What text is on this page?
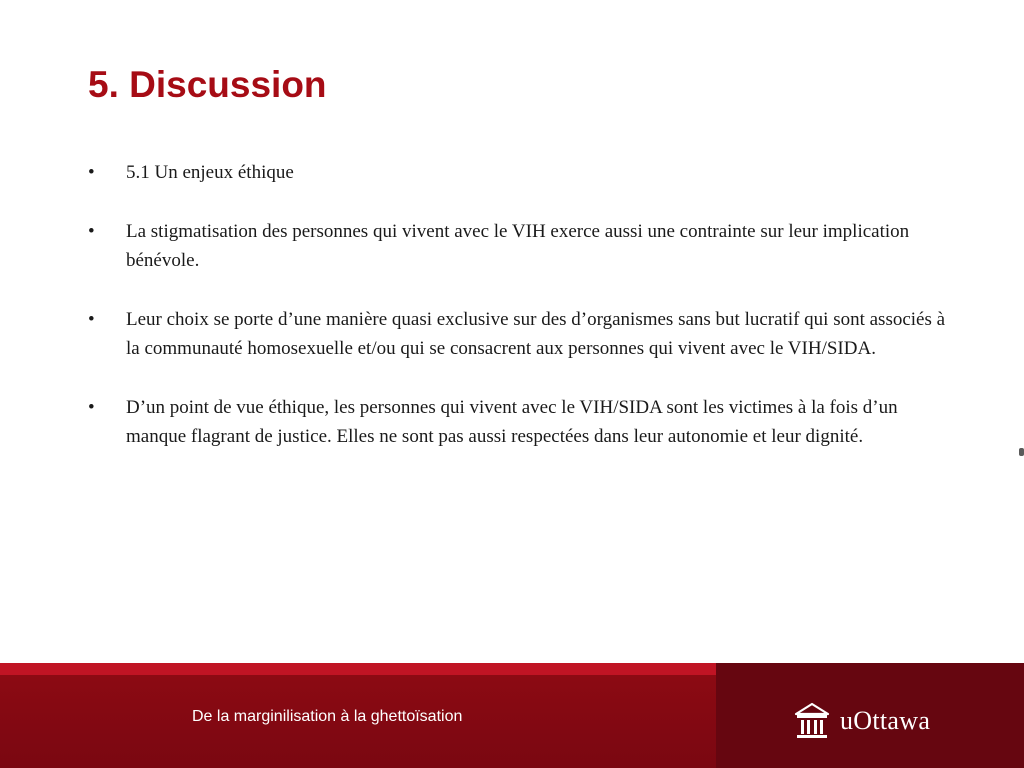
5. Discussion
•	5.1 Un enjeux éthique
•	La stigmatisation des personnes qui vivent avec le VIH exerce aussi une contrainte sur leur implication bénévole.
•	Leur choix se porte d’une manière quasi exclusive sur des d’organismes sans but lucratif qui sont associés à la communauté homosexuelle et/ou qui se consacrent aux personnes qui vivent avec le VIH/SIDA.
•	D’un point de vue éthique, les personnes qui vivent avec le VIH/SIDA sont les victimes à la fois d’un manque flagrant de justice. Elles ne sont pas aussi respectées dans leur autonomie et leur dignité.
De la marginilisation à la ghettoïsation	uOttawa
